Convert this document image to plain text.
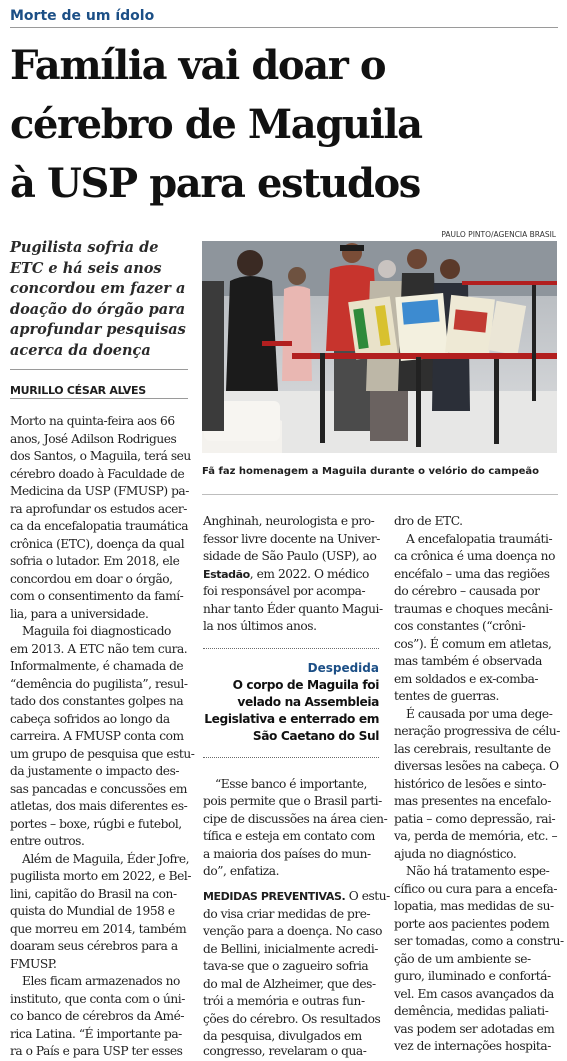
Morte de um ídolo
Família vai doar o
cérebro de Maguila
à USP para estudos
Pugilista sofria de
ETC e há seis anos
concordou em fazer a
doação do órgão para
aprofundar pesquisas
acerca da doença
MURILLO CÉSAR ALVES
PAULO PINTO/AGENCIA BRASIL
Fã faz homenagem a Maguila durante o velório do campeão
Morto na quinta-feira aos 66
anos, José Adilson Rodrigues
dos Santos, o Maguila, terá seu
cérebro doado à Faculdade de
Medicina da USP (FMUSP) pa-
ra aprofundar os estudos acer-
ca da encefalopatia traumática
crônica (ETC), doença da qual
sofria o lutador. Em 2018, ele
concordou em doar o órgão,
com o consentimento da famí-
lia, para a universidade.
Maguila foi diagnosticado
em 2013. A ETC não tem cura.
Informalmente, é chamada de
“demência do pugilista”, resul-
tado dos constantes golpes na
cabeça sofridos ao longo da
carreira. A FMUSP conta com
um grupo de pesquisa que estu-
da justamente o impacto des-
sas pancadas e concussões em
atletas, dos mais diferentes es-
portes – boxe, rúgbi e futebol,
entre outros.
Além de Maguila, Éder Jofre,
pugilista morto em 2022, e Bel-
lini, capitão do Brasil na con-
quista do Mundial de 1958 e
que morreu em 2014, também
doaram seus cérebros para a
FMUSP.
Eles ficam armazenados no
instituto, que conta com o úni-
co banco de cérebros da Amé-
rica Latina. “É importante pa-
ra o País e para USP ter esses
Anghinah, neurologista e pro-
fessor livre docente na Univer-
sidade de São Paulo (USP), ao
Estadão, em 2022. O médico
foi responsável por acompa-
nhar tanto Éder quanto Magui-
la nos últimos anos.
Despedida
O corpo de Maguila foi
velado na Assembleia
Legislativa e enterrado em
São Caetano do Sul
“Esse banco é importante,
pois permite que o Brasil parti-
cipe de discussões na área cien-
tífica e esteja em contato com
a maioria dos países do mun-
do”, enfatiza.
MEDIDAS PREVENTIVAS. O estu-
do visa criar medidas de pre-
venção para a doença. No caso
de Bellini, inicialmente acredi-
tava-se que o zagueiro sofria
do mal de Alzheimer, que des-
trói a memória e outras fun-
ções do cérebro. Os resultados
da pesquisa, divulgados em
congresso, revelaram o qua-
dro de ETC.
A encefalopatia traumáti-
ca crônica é uma doença no
encéfalo – uma das regiões
do cérebro – causada por
traumas e choques mecâni-
cos constantes (“crôni-
cos”). É comum em atletas,
mas também é observada
em soldados e ex-comba-
tentes de guerras.
É causada por uma dege-
neração progressiva de célu-
las cerebrais, resultante de
diversas lesões na cabeça. O
histórico de lesões e sinto-
mas presentes na encefalo-
patia – como depressão, rai-
va, perda de memória, etc. –
ajuda no diagnóstico.
Não há tratamento espe-
cífico ou cura para a encefa-
lopatia, mas medidas de su-
porte aos pacientes podem
ser tomadas, como a constru-
ção de um ambiente se-
guro, iluminado e confortá-
vel. Em casos avançados da
demência, medidas paliati-
vas podem ser adotadas em
vez de internações hospita-
